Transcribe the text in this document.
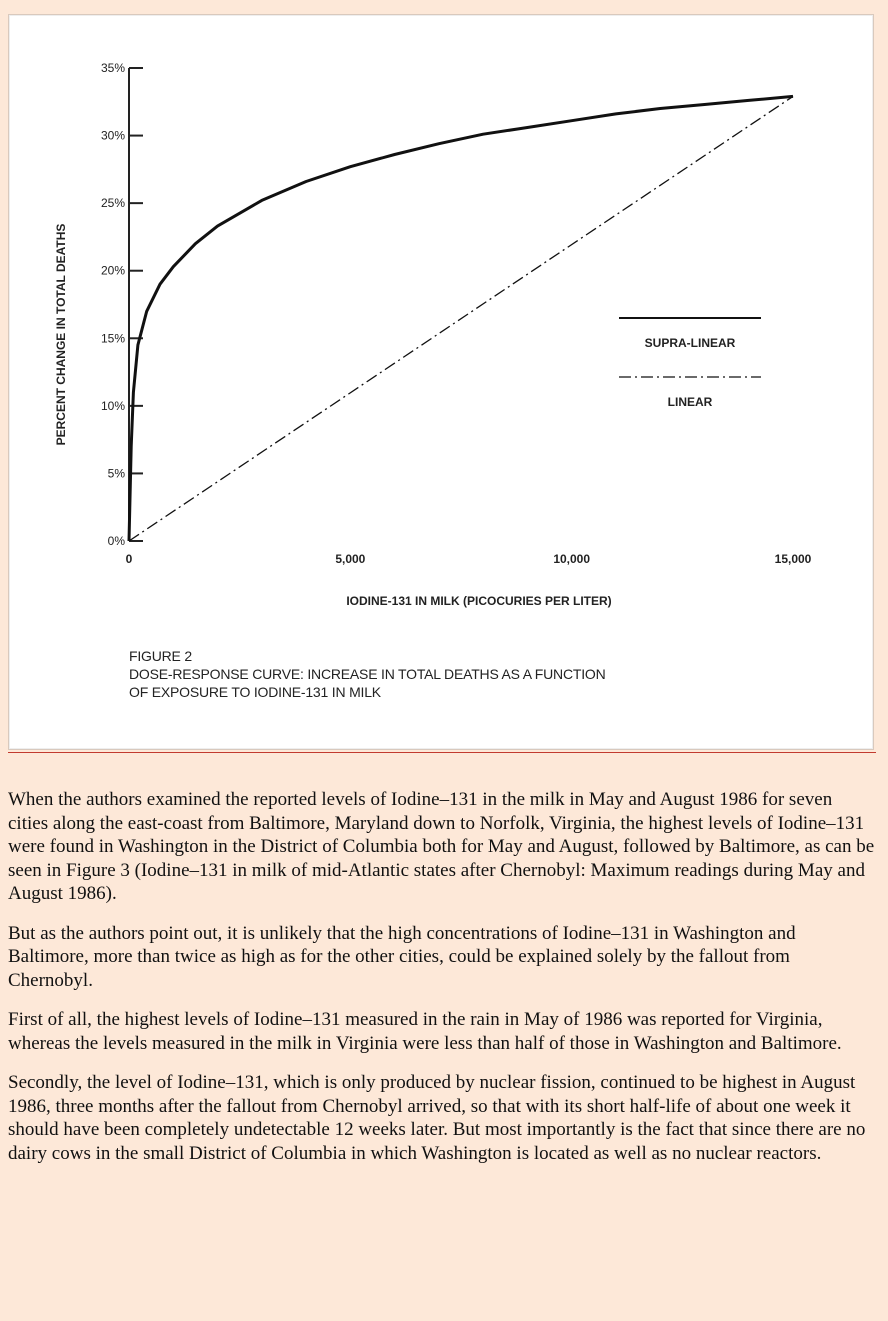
0%
5%
10%
15%
20%
25%
30%
35%
0	5,000	10,000	15,000
IODINE-131 IN MILK (PICOCURIES PER LITER)
PERCENT CHANGE IN TOTAL DEATHS	SUPRA-LINEAR
LINEAR
FIGURE 2
DOSE-RESPONSE CURVE: INCREASE IN TOTAL DEATHS AS A FUNCTION
OF EXPOSURE TO IODINE-131 IN MILK

When the authors examined the reported levels of Iodine–131 in the milk in May and August 1986 for seven cities along the east-coast from Baltimore, Maryland down to Norfolk, Virginia, the highest levels of Iodine–131 were found in Washington in the District of Columbia both for May and August, followed by Baltimore, as can be seen in Figure 3 (Iodine–131 in milk of mid-Atlantic states after Chernobyl: Maximum readings during May and August 1986).

But as the authors point out, it is unlikely that the high concentrations of Iodine–131 in Washington and Baltimore, more than twice as high as for the other cities, could be explained solely by the fallout from Chernobyl.

First of all, the highest levels of Iodine–131 measured in the rain in May of 1986 was reported for Virginia, whereas the levels measured in the milk in Virginia were less than half of those in Washington and Baltimore.

Secondly, the level of Iodine–131, which is only produced by nuclear fission, continued to be highest in August 1986, three months after the fallout from Chernobyl arrived, so that with its short half-life of about one week it should have been completely undetectable 12 weeks later. But most importantly is the fact that since there are no dairy cows in the small District of Columbia in which Washington is located as well as no nuclear reactors.
